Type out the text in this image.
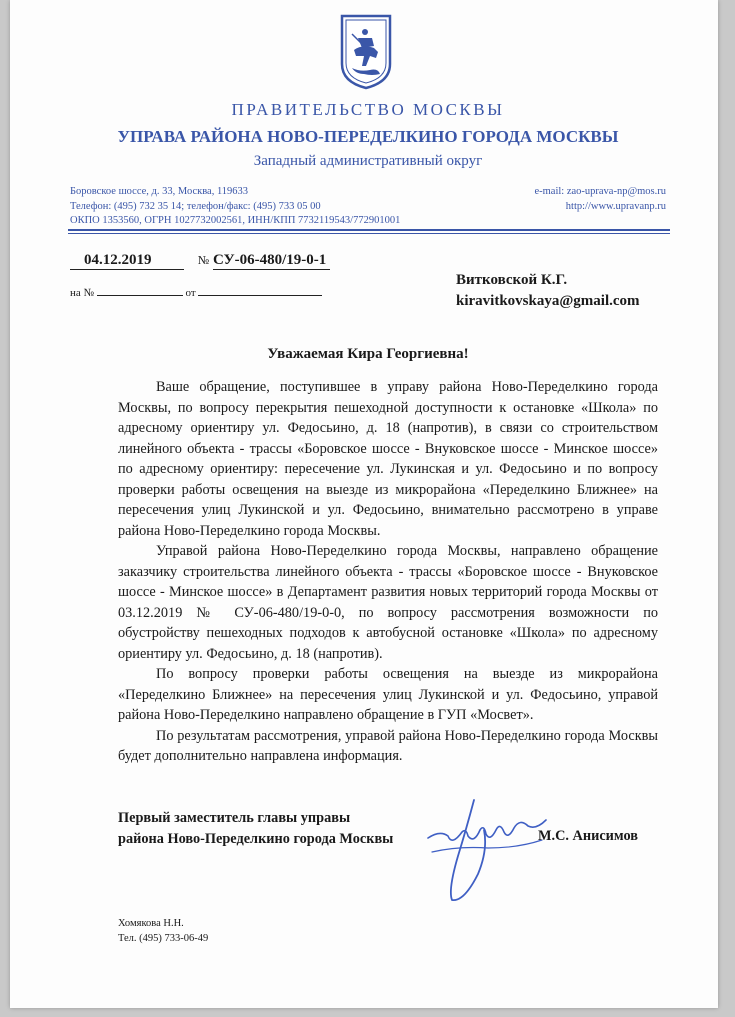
ПРАВИТЕЛЬСТВО МОСКВЫ
УПРАВА РАЙОНА НОВО-ПЕРЕДЕЛКИНО ГОРОДА МОСКВЫ
Западный административный округ
Боровское шоссе, д. 33, Москва, 119633
Телефон: (495) 732 35 14; телефон/факс: (495) 733 05 00
ОКПО 1353560, ОГРН 1027732002561, ИНН/КПП 7732119543/772901001
e-mail: zao-uprava-np@mos.ru
http://www.upravanp.ru
04.12.2019	№ СУ-06-480/19-0-1
на №	от
Витковской К.Г.
kiravitkovskaya@gmail.com
Уважаемая Кира Георгиевна!

Ваше обращение, поступившее в управу района Ново-Переделкино города Москвы, по вопросу перекрытия пешеходной доступности к остановке «Школа» по адресному ориентиру ул. Федосьино, д. 18 (напротив), в связи со строительством линейного объекта - трассы «Боровское шоссе - Внуковское шоссе - Минское шоссе» по адресному ориентиру: пересечение ул. Лукинская и ул. Федосьино и по вопросу проверки работы освещения на выезде из микрорайона «Переделкино Ближнее» на пересечения улиц Лукинской и ул. Федосьино, внимательно рассмотрено в управе района Ново-Переделкино города Москвы.

Управой района Ново-Переделкино города Москвы, направлено обращение заказчику строительства линейного объекта - трассы «Боровское шоссе - Внуковское шоссе - Минское шоссе» в Департамент развития новых территорий города Москвы от 03.12.2019 № СУ-06-480/19-0-0, по вопросу рассмотрения возможности по обустройству пешеходных подходов к автобусной остановке «Школа» по адресному ориентиру ул. Федосьино, д. 18 (напротив).

По вопросу проверки работы освещения на выезде из микрорайона «Переделкино Ближнее» на пересечения улиц Лукинской и ул. Федосьино, управой района Ново-Переделкино направлено обращение в ГУП «Мосвет».

По результатам рассмотрения, управой района Ново-Переделкино города Москвы будет дополнительно направлена информация.

Первый заместитель главы управы
района Ново-Переделкино города Москвы	М.С. Анисимов
Хомякова Н.Н.
Тел. (495) 733-06-49
